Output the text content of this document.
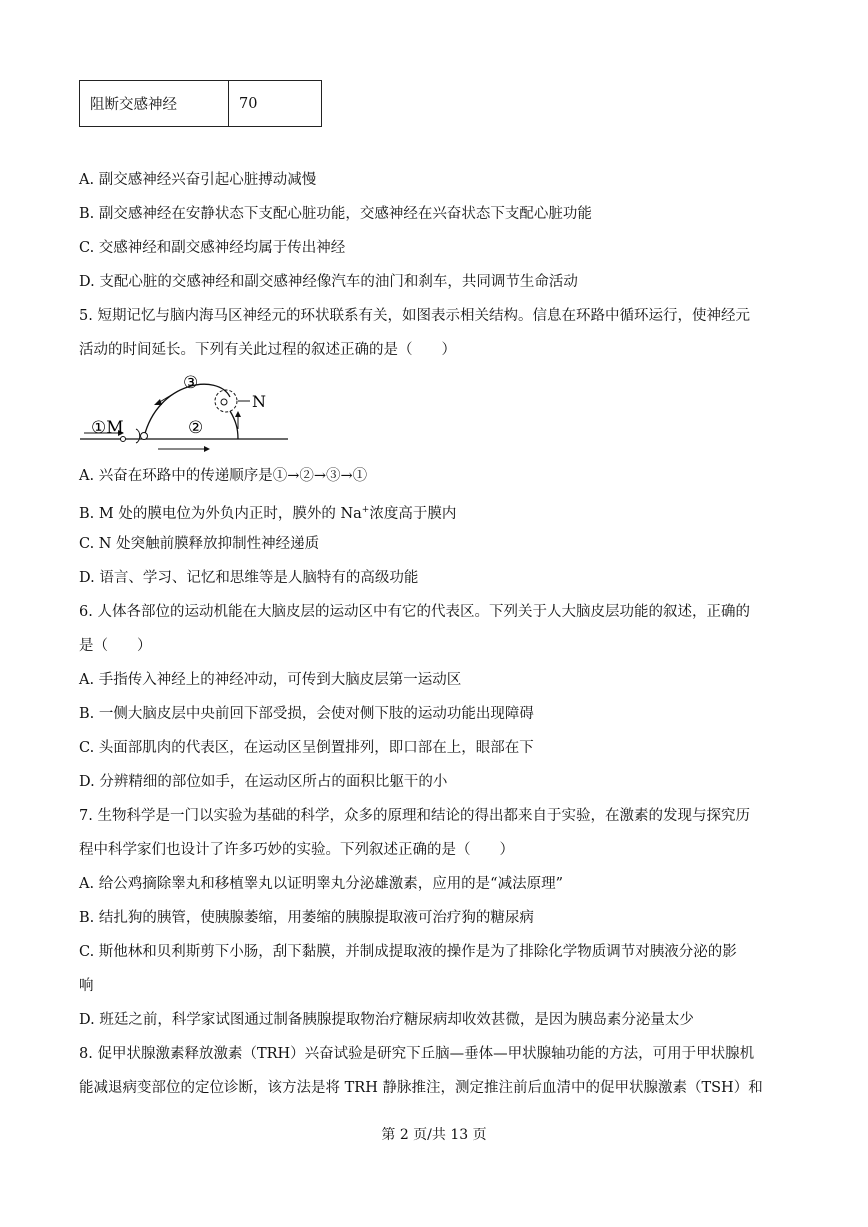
阻断交感神经	70
A. 副交感神经兴奋引起心脏搏动减慢
B. 副交感神经在安静状态下支配心脏功能，交感神经在兴奋状态下支配心脏功能
C. 交感神经和副交感神经均属于传出神经
D. 支配心脏的交感神经和副交感神经像汽车的油门和刹车，共同调节生命活动
5. 短期记忆与脑内海马区神经元的环状联系有关，如图表示相关结构。信息在环路中循环运行，使神经元
活动的时间延长。下列有关此过程的叙述正确的是（　　）
①M	②
③
N
A. 兴奋在环路中的传递顺序是①→②→③→①
B. M 处的膜电位为外负内正时，膜外的 Na+浓度高于膜内
C. N 处突触前膜释放抑制性神经递质
D. 语言、学习、记忆和思维等是人脑特有的高级功能
6. 人体各部位的运动机能在大脑皮层的运动区中有它的代表区。下列关于人大脑皮层功能的叙述，正确的
是（　　）
A. 手指传入神经上的神经冲动，可传到大脑皮层第一运动区
B. 一侧大脑皮层中央前回下部受损，会使对侧下肢的运动功能出现障碍
C. 头面部肌肉的代表区，在运动区呈倒置排列，即口部在上，眼部在下
D. 分辨精细的部位如手，在运动区所占的面积比躯干的小
7. 生物科学是一门以实验为基础的科学，众多的原理和结论的得出都来自于实验，在激素的发现与探究历
程中科学家们也设计了许多巧妙的实验。下列叙述正确的是（　　）
A. 给公鸡摘除睾丸和移植睾丸以证明睾丸分泌雄激素，应用的是“减法原理”
B. 结扎狗的胰管，使胰腺萎缩，用萎缩的胰腺提取液可治疗狗的糖尿病
C. 斯他林和贝利斯剪下小肠，刮下黏膜，并制成提取液的操作是为了排除化学物质调节对胰液分泌的影
响
D. 班廷之前，科学家试图通过制备胰腺提取物治疗糖尿病却收效甚微，是因为胰岛素分泌量太少
8. 促甲状腺激素释放激素（TRH）兴奋试验是研究下丘脑—垂体—甲状腺轴功能的方法，可用于甲状腺机
能减退病变部位的定位诊断，该方法是将 TRH 静脉推注，测定推注前后血清中的促甲状腺激素（TSH）和
第 2 页/共 13 页
